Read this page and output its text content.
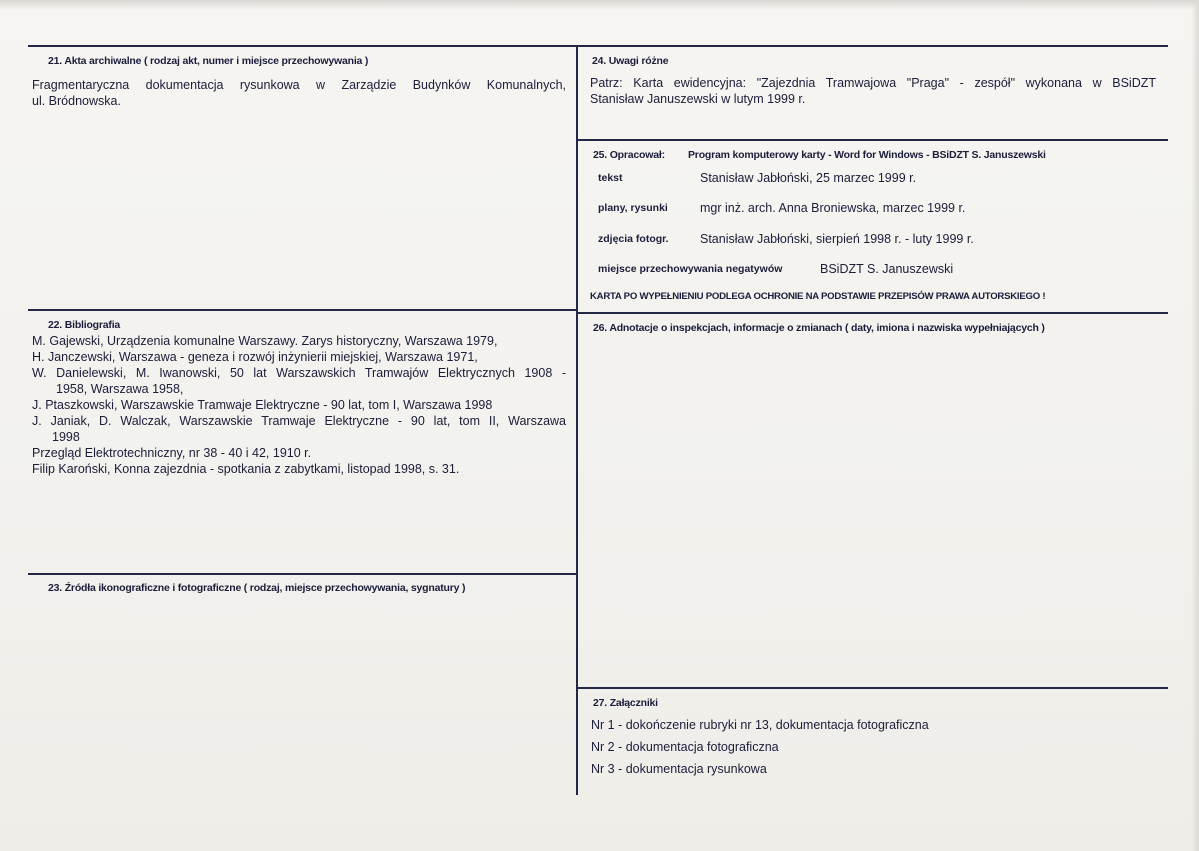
21. Akta archiwalne ( rodzaj akt, numer i miejsce przechowywania )
Fragmentaryczna dokumentacja rysunkowa w Zarządzie Budynków Komunalnych,
ul. Bródnowska.
22. Bibliografia
M. Gajewski, Urządzenia komunalne Warszawy. Zarys historyczny, Warszawa 1979,
H. Janczewski, Warszawa - geneza i rozwój inżynierii miejskiej, Warszawa 1971,
W. Danielewski, M. Iwanowski, 50 lat Warszawskich Tramwajów Elektrycznych 1908 -
1958, Warszawa 1958,
J. Ptaszkowski, Warszawskie Tramwaje Elektryczne - 90 lat, tom I, Warszawa 1998
J. Janiak, D. Walczak, Warszawskie Tramwaje Elektryczne - 90 lat, tom II, Warszawa
1998
Przegląd Elektrotechniczny, nr 38 - 40 i 42, 1910 r.
Filip Karoński, Konna zajezdnia - spotkania z zabytkami, listopad 1998, s. 31.
23. Źródła ikonograficzne i fotograficzne ( rodzaj, miejsce przechowywania, sygnatury )
24. Uwagi różne
Patrz: Karta ewidencyjna: "Zajezdnia Tramwajowa "Praga" - zespół" wykonana w BSiDZT
Stanisław Januszewski w lutym 1999 r.
25. Opracował: Program komputerowy karty - Word for Windows - BSiDZT S. Januszewski
tekst	Stanisław Jabłoński, 25 marzec 1999 r.
plany, rysunki	mgr inż. arch. Anna Broniewska, marzec 1999 r.
zdjęcia fotogr.	Stanisław Jabłoński, sierpień 1998 r. - luty 1999 r.
miejsce przechowywania negatywów	BSiDZT S. Januszewski
KARTA PO WYPEŁNIENIU PODLEGA OCHRONIE NA PODSTAWIE PRZEPISÓW PRAWA AUTORSKIEGO !
26. Adnotacje o inspekcjach, informacje o zmianach ( daty, imiona i nazwiska wypełniających )
27. Załączniki
Nr 1 - dokończenie rubryki nr 13, dokumentacja fotograficzna
Nr 2 - dokumentacja fotograficzna
Nr 3 - dokumentacja rysunkowa
